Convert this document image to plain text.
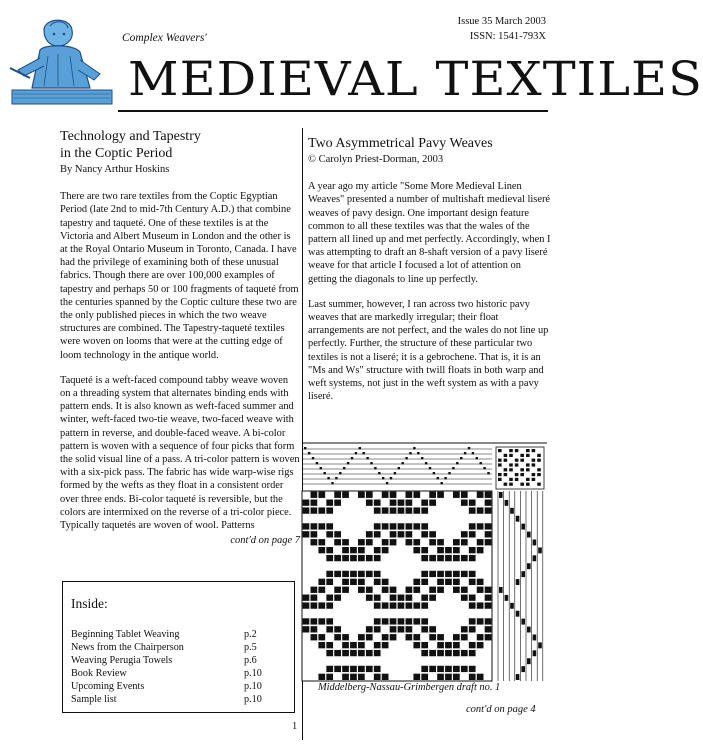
Complex Weavers'
Issue 35 March 2003
ISSN: 1541-793X
MEDIEVAL TEXTILES
Technology and Tapestry
in the Coptic Period
By Nancy Arthur Hoskins

There are two rare textiles from the Coptic Egyptian Period (late 2nd to mid-7th Century A.D.) that combine tapestry and taqueté. One of these textiles is at the Victoria and Albert Museum in London and the other is at the Royal Ontario Museum in Toronto, Canada. I have had the privilege of examining both of these unusual fabrics. Though there are over 100,000 examples of tapestry and perhaps 50 or 100 fragments of taqueté from the centuries spanned by the Coptic culture these two are the only published pieces in which the two weave structures are combined. The Tapestry-taqueté textiles were woven on looms that were at the cutting edge of loom technology in the antique world.

Taqueté is a weft-faced compound tabby weave woven on a threading system that alternates binding ends with pattern ends. It is also known as weft-faced summer and winter, weft-faced two-tie weave, two-faced weave with pattern in reverse, and double-faced weave. A bi-color pattern is woven with a sequence of four picks that form the solid visual line of a pass. A tri-color pattern is woven with a six-pick pass. The fabric has wide warp-wise rigs formed by the wefts as they float in a consistent order over three ends. Bi-color taqueté is reversible, but the colors are intermixed on the reverse of a tri-color piece. Typically taquetés are woven of wool. Patterns

cont'd on page 7
Inside:
Beginning Tablet Weaving	p.2
News from the Chairperson	p.5
Weaving Perugia Towels	p.6
Book Review	p.10
Upcoming Events	p.10
Sample list	p.10
Two Asymmetrical Pavy Weaves
© Carolyn Priest-Dorman, 2003

A year ago my article "Some More Medieval Linen Weaves" presented a number of multishaft medieval liseré weaves of pavy design. One important design feature common to all these textiles was that the wales of the pattern all lined up and met perfectly. Accordingly, when I was attempting to draft an 8-shaft version of a pavy liseré weave for that article I focused a lot of attention on getting the diagonals to line up perfectly.

Last summer, however, I ran across two historic pavy weaves that are markedly irregular; their float arrangements are not perfect, and the wales do not line up perfectly. Further, the structure of these particular two textiles is not a liseré; it is a gebrochene. That is, it is an "Ms and Ws" structure with twill floats in both warp and weft systems, not just in the weft system as with a pavy liseré.

Middelberg-Nassau-Grimbergen draft no. 1
cont'd on page 4
1
